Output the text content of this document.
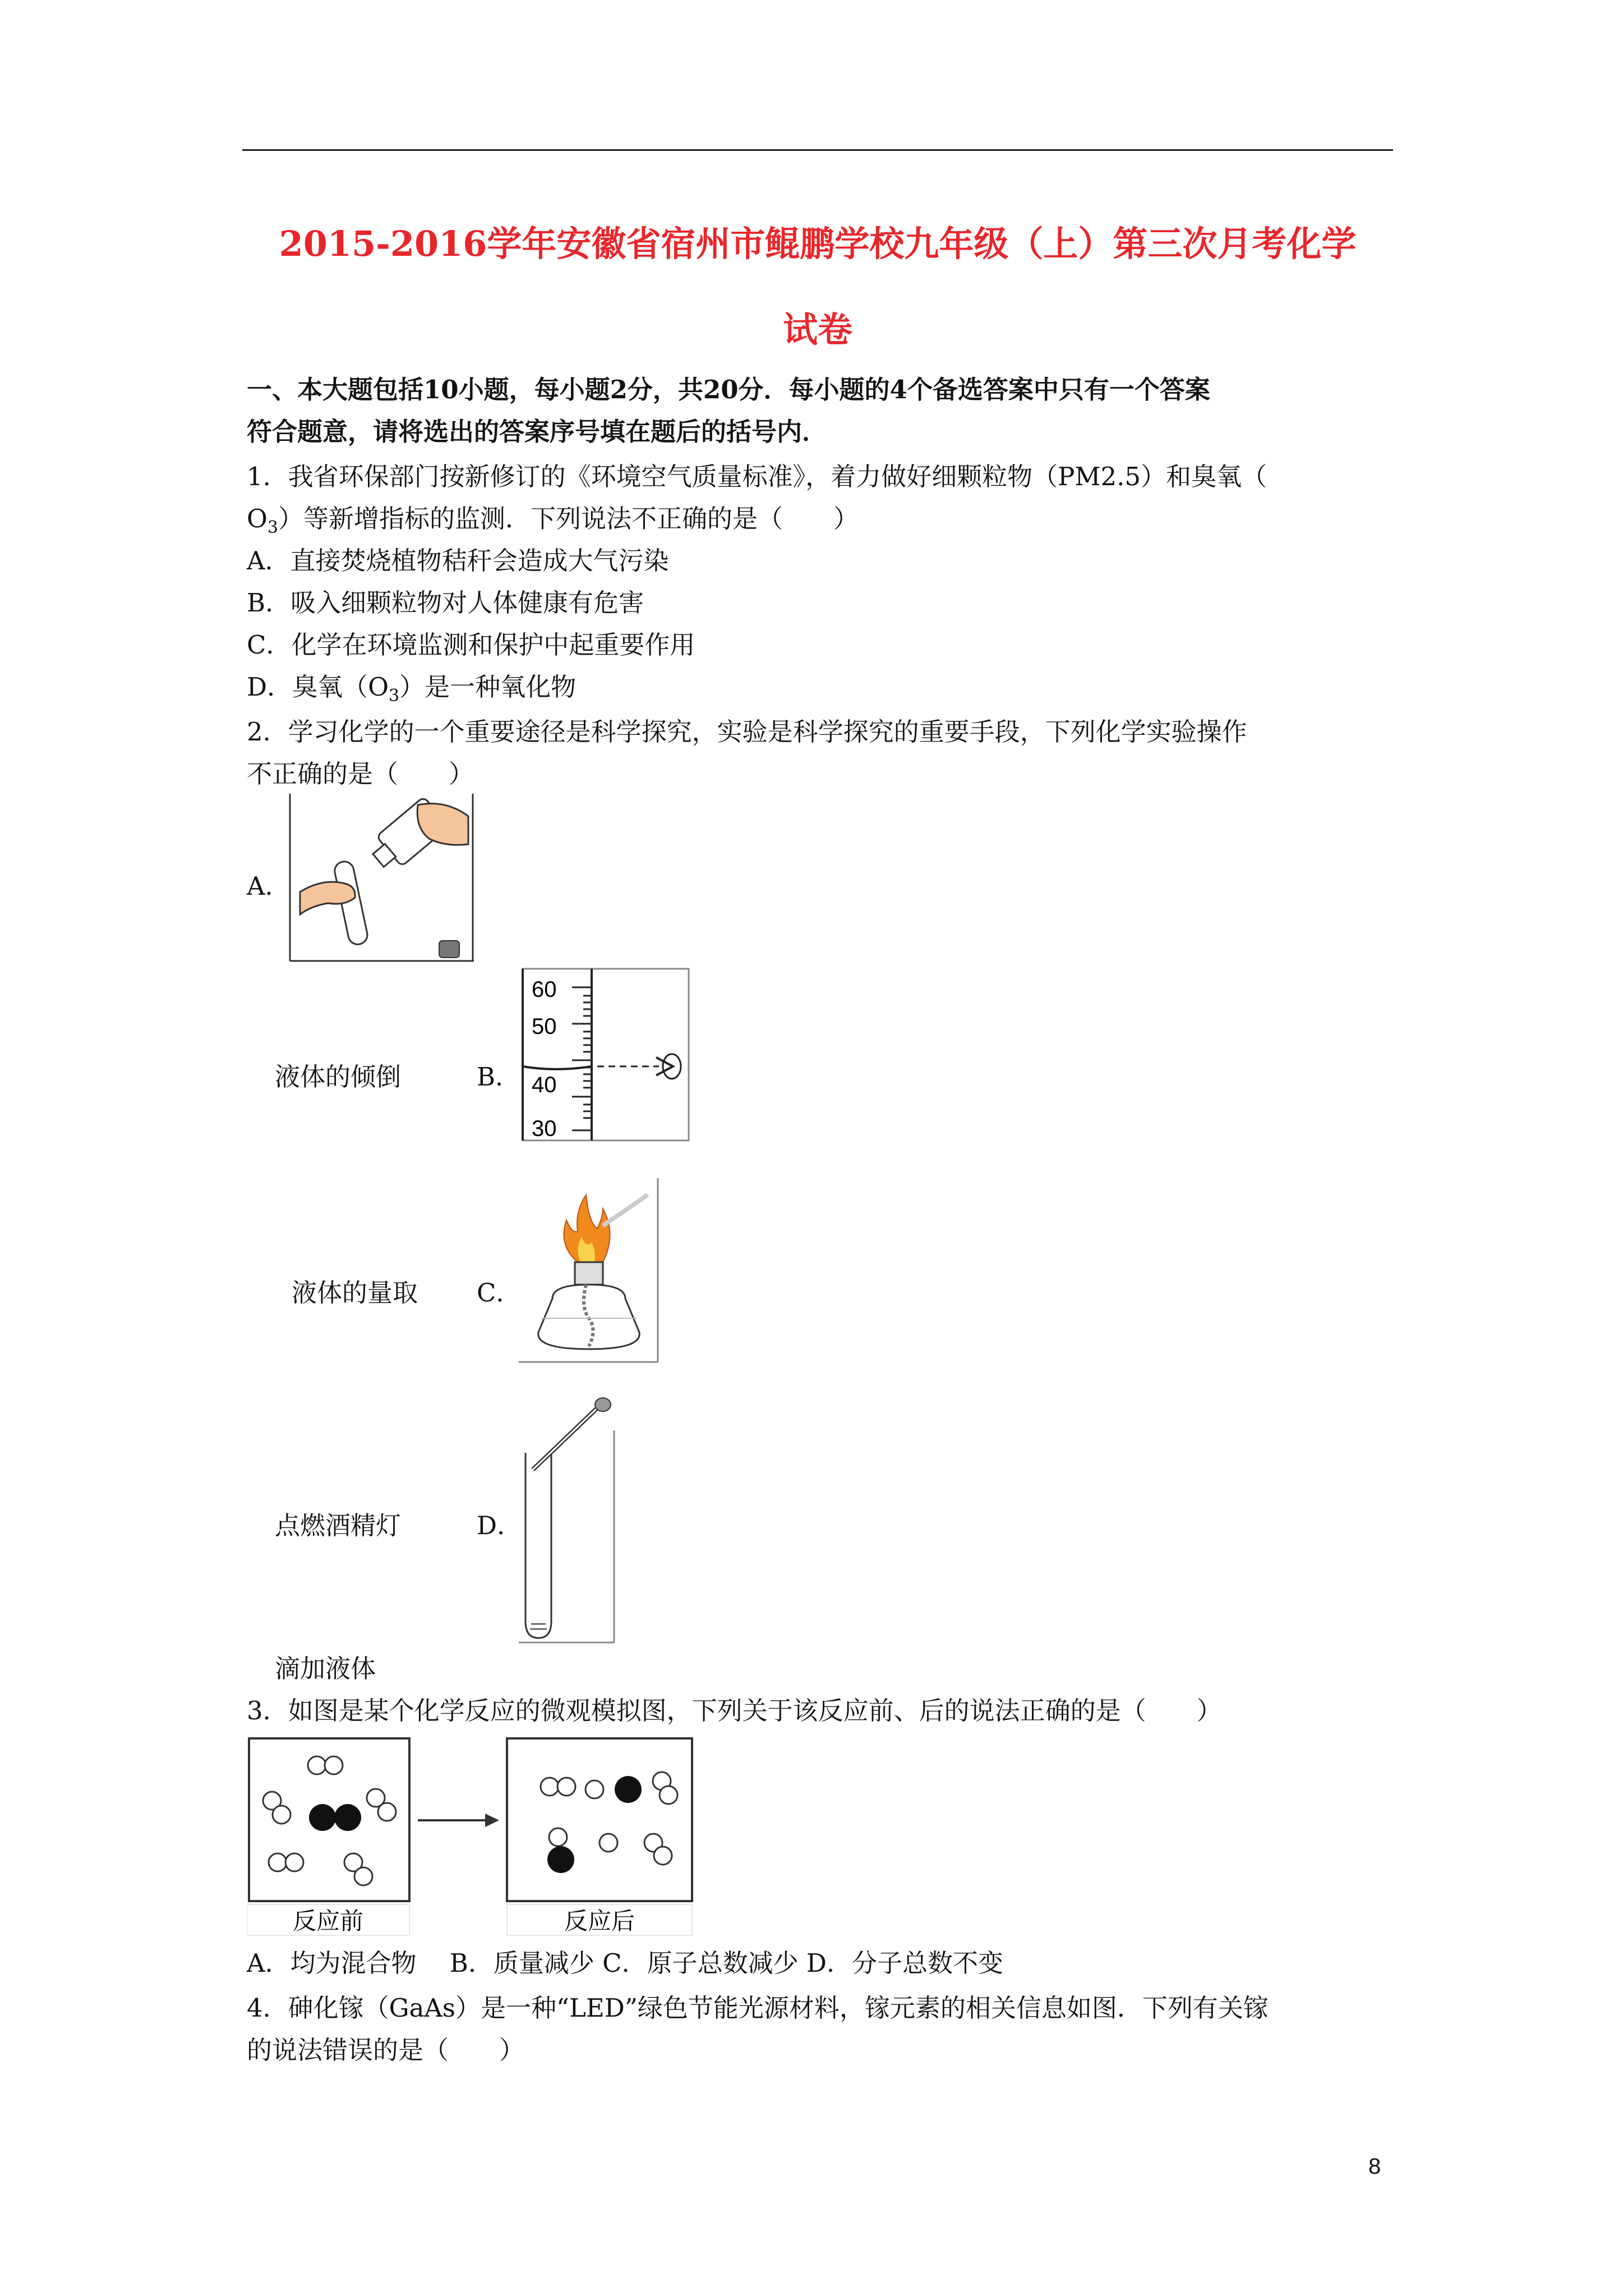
2015-2016学年安徽省宿州市鲲鹏学校九年级（上）第三次月考化学
试卷
一、本大题包括10小题，每小题2分，共20分．每小题的4个备选答案中只有一个答案
符合题意，请将选出的答案序号填在题后的括号内．
1．我省环保部门按新修订的《环境空气质量标准》，着力做好细颗粒物（PM2.5）和臭氧（
$O_3$）等新增指标的监测．下列说法不正确的是（　　）
A．直接焚烧植物秸秆会造成大气污染
B．吸入细颗粒物对人体健康有危害
C．化学在环境监测和保护中起重要作用
D．臭氧$(O_3)$是一种氧化物
2．学习化学的一个重要途径是科学探究，实验是科学探究的重要手段，下列化学实验操作
不正确的是（　　）
A．
液体的倾倒	B．
60
50
40
30
液体的量取 C．
点燃酒精灯	D．
滴加液体
3．如图是某个化学反应的微观模拟图，下列关于该反应前、后的说法正确的是（　　）
反应前	反应后
A．均为混合物　 B．质量减少 C．原子总数减少 D．分子总数不变
4．砷化镓（GaAs）是一种“LED”绿色节能光源材料，镓元素的相关信息如图．下列有关镓
的说法错误的是（　　）
8
